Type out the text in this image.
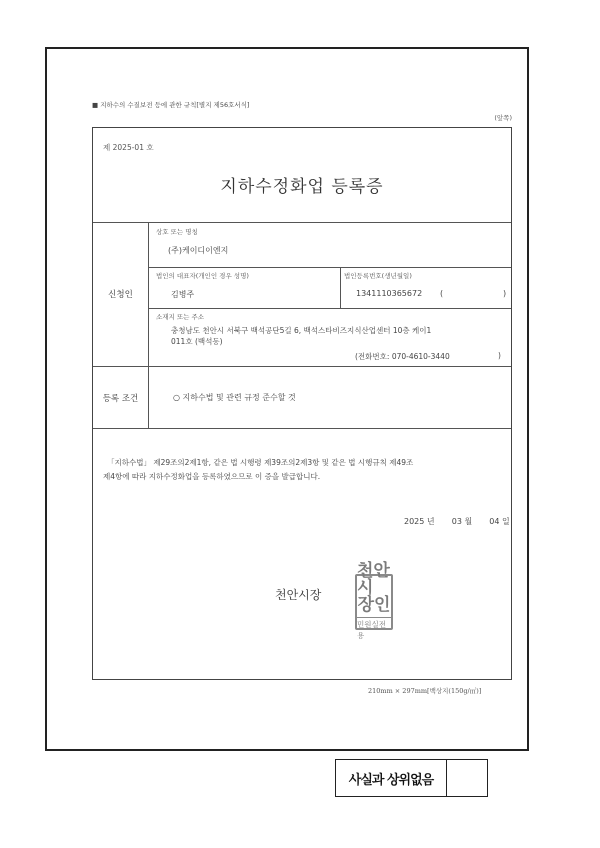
■ 지하수의 수질보전 등에 관한 규칙[별지 제56호서식]
(앞쪽)
제 2025-01 호
지하수정화업 등록증
신청인
상호 또는 명칭
(주)케이디이엔지
법인의 대표자(개인인 경우 성명)
김병주
법인등록번호(생년월일)
1341110365672 (	)
소재지 또는 주소
충청남도 천안시 서북구 백석공단5길 6, 백석스타비즈지식산업센터 10층 케이1
011호 (백석동)
(전화번호: 070-4610-3440	)
등록 조건	○ 지하수법 및 관련 규정 준수할 것
「지하수법」 제29조의2제1항, 같은 법 시행령 제39조의2제3항 및 같은 법 시행규칙 제49조
제4항에 따라 지하수정화업을 등록하였으므로 이 증을 발급합니다.
2025 년 03 월 04 일
천안시장
천안시
장인
민원실전용
210mm × 297mm[백상지(150g/㎡)]
사실과 상위없음
